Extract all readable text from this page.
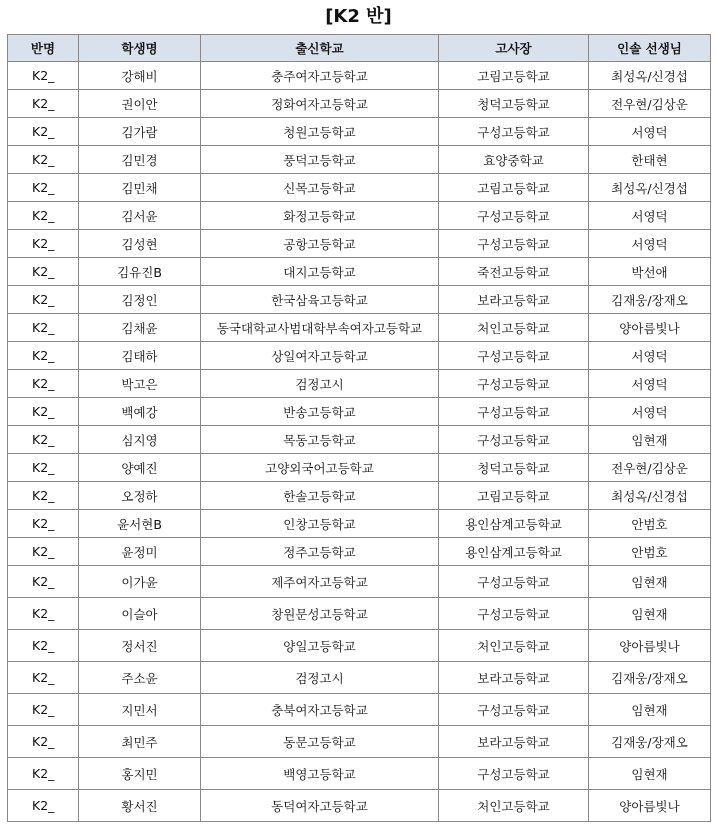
[K2 반]
반명	학생명	출신학교	고사장	인솔 선생님
K2_	강해비	충주여자고등학교	고림고등학교	최성옥/신경섭
K2_	권이안	정화여자고등학교	청덕고등학교	전우현/김상운
K2_	김가람	청원고등학교	구성고등학교	서영덕
K2_	김민경	풍덕고등학교	효양중학교	한태현
K2_	김민채	신목고등학교	고림고등학교	최성옥/신경섭
K2_	김서윤	화정고등학교	구성고등학교	서영덕
K2_	김성현	공항고등학교	구성고등학교	서영덕
K2_	김유진B	대지고등학교	죽전고등학교	박선애
K2_	김정인	한국삼육고등학교	보라고등학교	김재웅/장재오
K2_	김채윤	동국대학교사범대학부속여자고등학교	처인고등학교	양아름빛나
K2_	김태하	상일여자고등학교	구성고등학교	서영덕
K2_	박고은	검정고시	구성고등학교	서영덕
K2_	백예강	반송고등학교	구성고등학교	서영덕
K2_	심지영	목동고등학교	구성고등학교	임현재
K2_	양예진	고양외국어고등학교	청덕고등학교	전우현/김상운
K2_	오정하	한솔고등학교	고림고등학교	최성옥/신경섭
K2_	윤서현B	인창고등학교	용인삼계고등학교	안범호
K2_	윤정미	정주고등학교	용인삼계고등학교	안범호
K2_	이가윤	제주여자고등학교	구성고등학교	임현재
K2_	이슬아	창원문성고등학교	구성고등학교	임현재
K2_	정서진	양일고등학교	처인고등학교	양아름빛나
K2_	주소윤	검정고시	보라고등학교	김재웅/장재오
K2_	지민서	충북여자고등학교	구성고등학교	임현재
K2_	최민주	동문고등학교	보라고등학교	김재웅/장재오
K2_	홍지민	백영고등학교	구성고등학교	임현재
K2_	황서진	동덕여자고등학교	처인고등학교	양아름빛나
